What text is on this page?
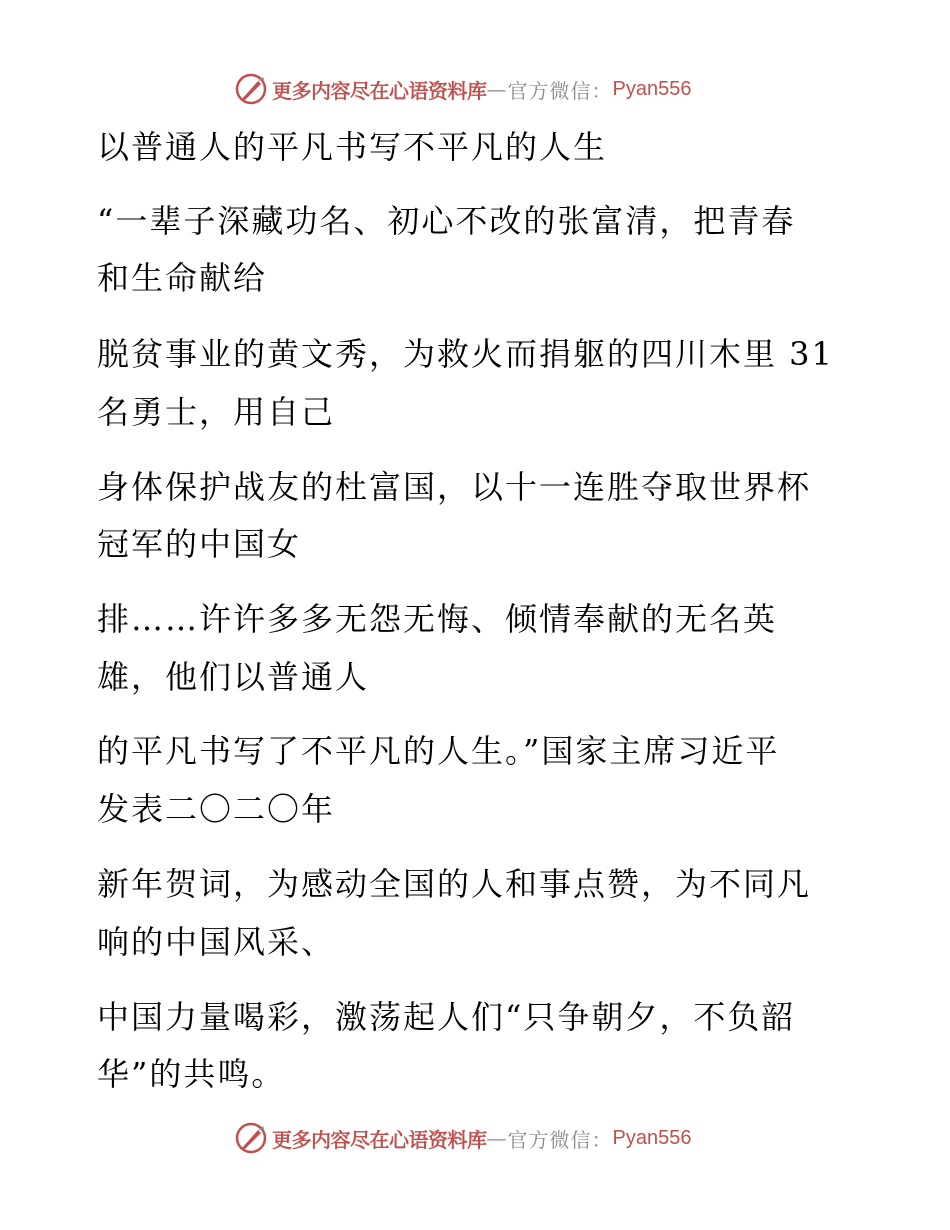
更多内容尽在心语资料库 — 官方微信： Pyan556
以普通人的平凡书写不平凡的人生
“一辈子深藏功名、初心不改的张富清，把青春
和生命献给
脱贫事业的黄文秀，为救火而捐躯的四川木里 31
名勇士，用自己
身体保护战友的杜富国，以十一连胜夺取世界杯
冠军的中国女
排……许许多多无怨无悔、倾情奉献的无名英
雄，他们以普通人
的平凡书写了不平凡的人生。”国家主席习近平
发表二〇二〇年
新年贺词，为感动全国的人和事点赞，为不同凡
响的中国风采、
中国力量喝彩，激荡起人们“只争朝夕，不负韶
华”的共鸣。
更多内容尽在心语资料库 — 官方微信： Pyan556
